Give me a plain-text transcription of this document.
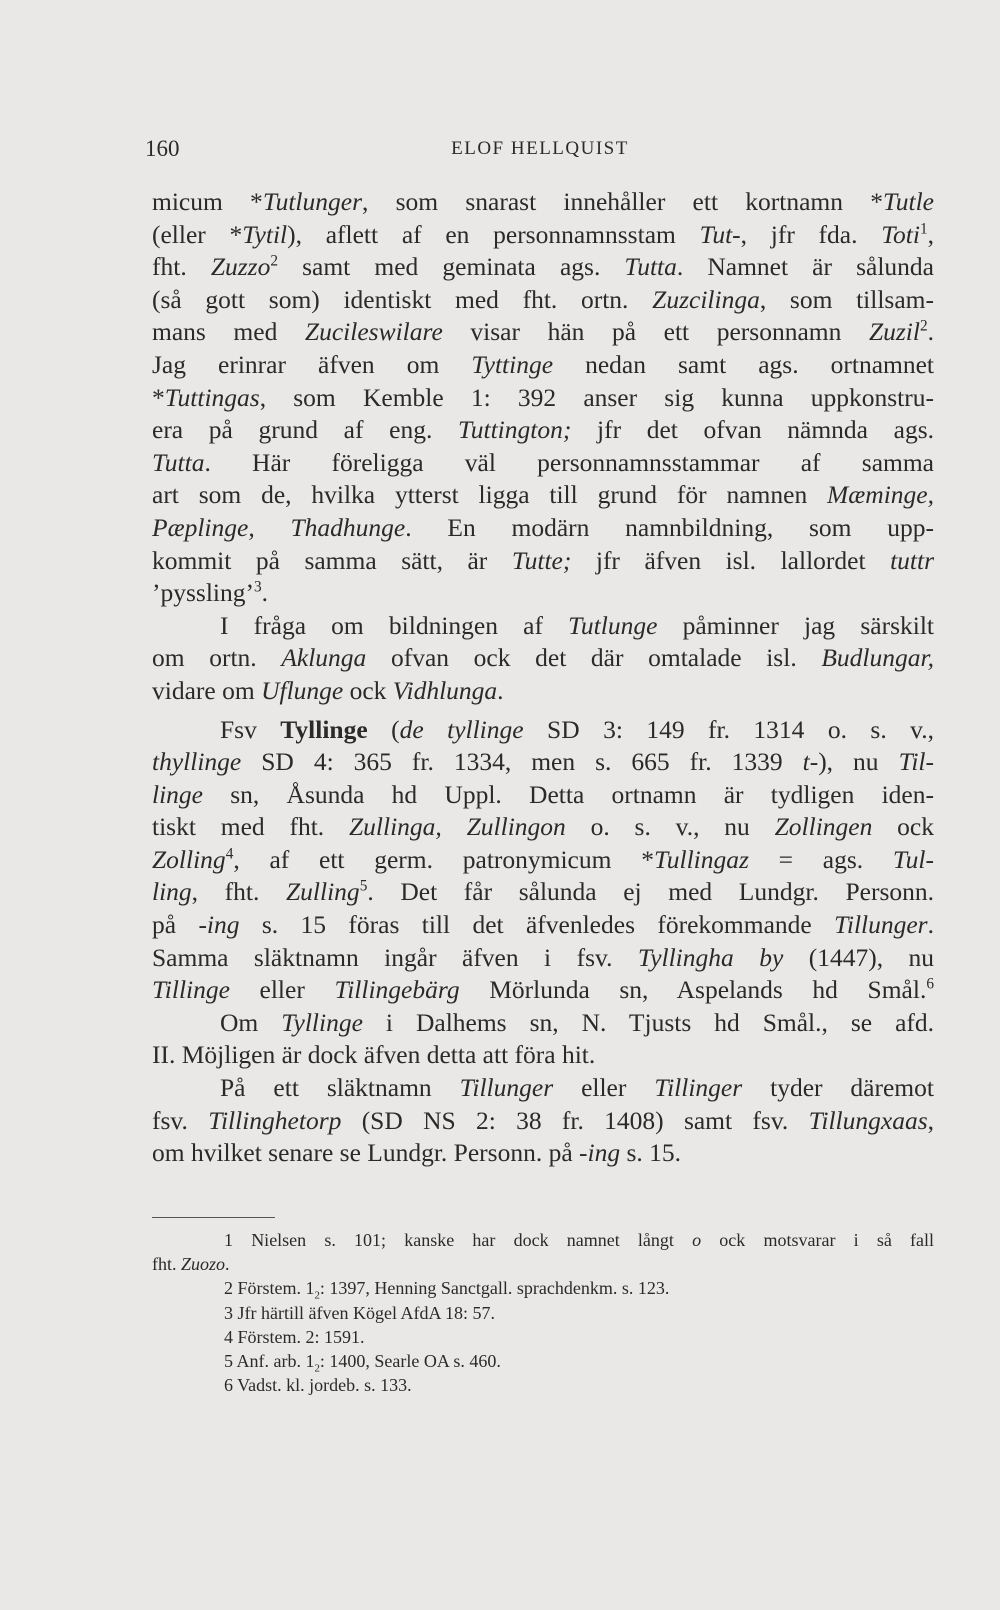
160	ELOF HELLQUIST
micum *Tutlunger, som snarast innehåller ett kortnamn *Tutle
(eller *Tytil), aflett af en personnamnsstam Tut-, jfr fda. Toti$^1$,
fht. Zuzzo$^2$ samt med geminata ags. Tutta. Namnet är sålunda
(så gott som) identiskt med fht. ortn. Zuzcilinga, som tillsam-
mans med Zucileswilare visar hän på ett personnamn Zuzil$^2$.
Jag erinrar äfven om Tyttinge nedan samt ags. ortnamnet
*Tuttingas, som Kemble 1: 392 anser sig kunna uppkonstru-
era på grund af eng. Tuttington; jfr det ofvan nämnda ags.
Tutta. Här föreligga väl personnamnsstammar af samma
art som de, hvilka ytterst ligga till grund för namnen Mæminge,
Pæplinge, Thadhunge. En modärn namnbildning, som upp-
kommit på samma sätt, är Tutte; jfr äfven isl. lallordet tuttr
’pyssling’$^3$.
I fråga om bildningen af Tutlunge påminner jag särskilt
om ortn. Aklunga ofvan ock det där omtalade isl. Budlungar,
vidare om Uflunge ock Vidhlunga.
Fsv Tyllinge (de tyllinge SD 3: 149 fr. 1314 o. s. v.,
thyllinge SD 4: 365 fr. 1334, men s. 665 fr. 1339 t-), nu Til-
linge sn, Åsunda hd Uppl. Detta ortnamn är tydligen iden-
tiskt med fht. Zullinga, Zullingon o. s. v., nu Zollingen ock
Zolling$^4$, af ett germ. patronymicum *Tullingaz = ags. Tul-
ling, fht. Zulling$^5$. Det får sålunda ej med Lundgr. Personn.
på -ing s. 15 föras till det äfvenledes förekommande Tillunger.
Samma släktnamn ingår äfven i fsv. Tyllingha by (1447), nu
Tillinge eller Tillingebärg Mörlunda sn, Aspelands hd Smål.$^6$
Om Tyllinge i Dalhems sn, N. Tjusts hd Smål., se afd.
II. Möjligen är dock äfven detta att föra hit.
På ett släktnamn Tillunger eller Tillinger tyder däremot
fsv. Tillinghetorp (SD NS 2: 38 fr. 1408) samt fsv. Tillungxaas,
om hvilket senare se Lundgr. Personn. på -ing s. 15.
1 Nielsen s. 101; kanske har dock namnet långt o ock motsvarar i så fall
fht. Zuozo.
2 Förstem. $1_2$: 1397, Henning Sanctgall. sprachdenkm. s. 123.
3 Jfr härtill äfven Kögel AfdA 18: 57.
4 Förstem. 2: 1591.
5 Anf. arb. $1_2$: 1400, Searle OA s. 460.
6 Vadst. kl. jordeb. s. 133.
